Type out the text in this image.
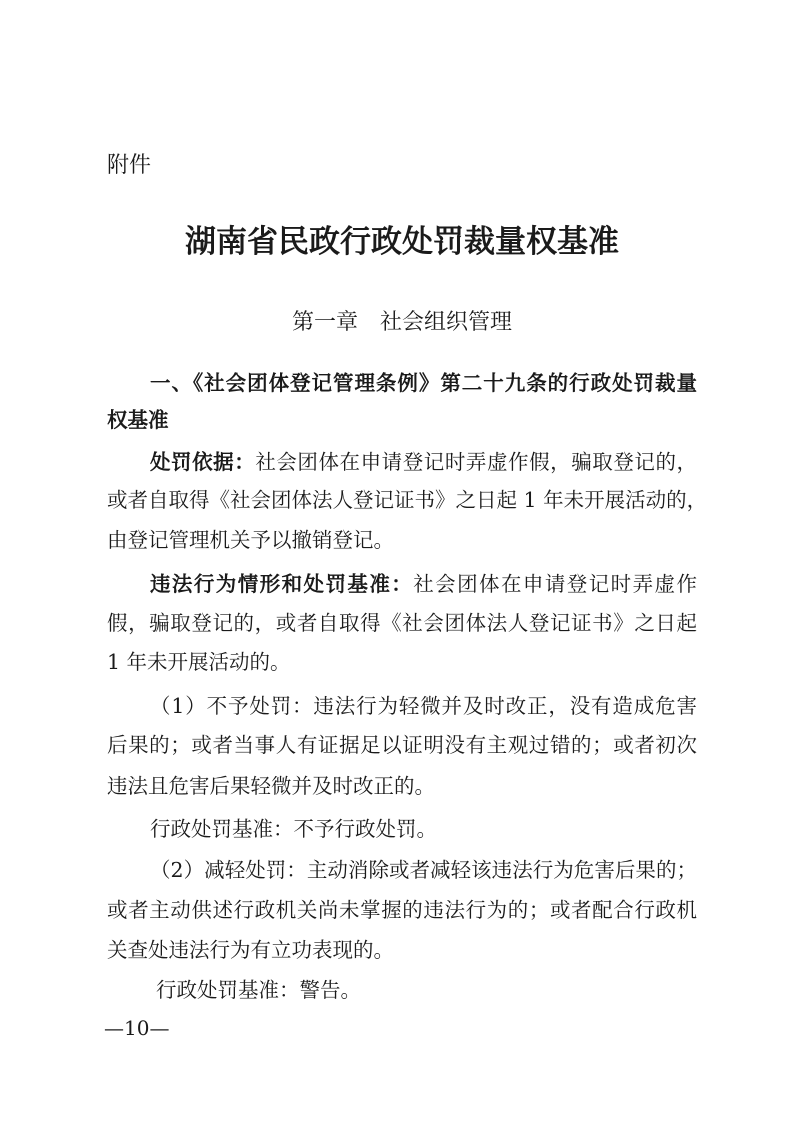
附件
湖南省民政行政处罚裁量权基准
第一章　社会组织管理
一、《社会团体登记管理条例》第二十九条的行政处罚裁量
权基准
处罚依据：社会团体在申请登记时弄虚作假，骗取登记的，
或者自取得《社会团体法人登记证书》之日起 1 年未开展活动的，
由登记管理机关予以撤销登记。
违法行为情形和处罚基准：社会团体在申请登记时弄虚作
假，骗取登记的，或者自取得《社会团体法人登记证书》之日起
1 年未开展活动的。
（1）不予处罚：违法行为轻微并及时改正，没有造成危害
后果的；或者当事人有证据足以证明没有主观过错的；或者初次
违法且危害后果轻微并及时改正的。
行政处罚基准：不予行政处罚。
（2）减轻处罚：主动消除或者减轻该违法行为危害后果的；
或者主动供述行政机关尚未掌握的违法行为的；或者配合行政机
关查处违法行为有立功表现的。
行政处罚基准：警告。
—10—
